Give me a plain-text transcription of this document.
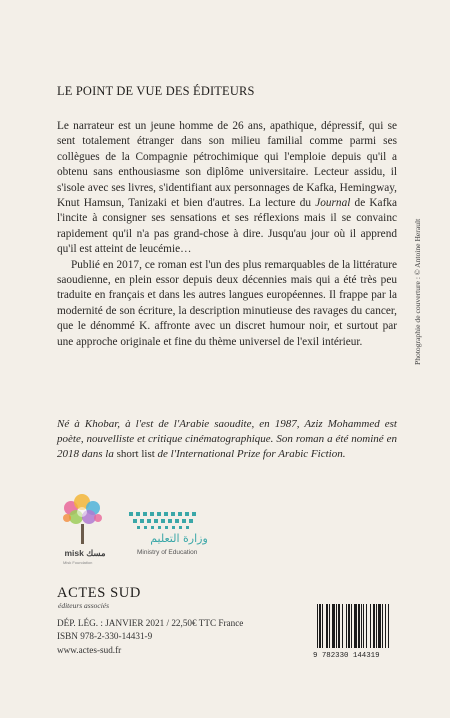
LE POINT DE VUE DES ÉDITEURS

Le narrateur est un jeune homme de 26 ans, apathique, dépressif, qui se sent totalement étranger dans son milieu familial comme parmi ses collègues de la Compagnie pétrochimique qui l'emploie depuis qu'il a obtenu sans enthousiasme son diplôme universitaire. Lecteur assidu, il s'isole avec ses livres, s'identifiant aux personnages de Kafka, Hemingway, Knut Hamsun, Tanizaki et bien d'autres. La lecture du Journal de Kafka l'incite à consigner ses sensations et ses réflexions mais il se convainc rapidement qu'il n'a pas grand-chose à dire. Jusqu'au jour où il apprend qu'il est atteint de leucémie…

Publié en 2017, ce roman est l'un des plus remarquables de la littérature saoudienne, en plein essor depuis deux décennies mais qui a été très peu traduite en français et dans les autres langues européennes. Il frappe par la modernité de son écriture, la description minutieuse des ravages du cancer, que le dénommé K. affronte avec un discret humour noir, et surtout par une approche originale et fine du thème universel de l'exil intérieur.

Né à Khobar, à l'est de l'Arabie saoudite, en 1987, Aziz Mohammed est poète, nouvelliste et critique cinématographique. Son roman a été nominé en 2018 dans la short list de l'International Prize for Arabic Fiction.
misk مسك
Misk Foundation
وزارة التعليم
Ministry of Education
ACTES SUD
éditeurs associés
DÉP. LÉG. : JANVIER 2021 / 22,50€ TTC France
ISBN 978-2-330-14431-9
www.actes-sud.fr
9 782330 144319
Photographie de couverture : © Antoine Herault
